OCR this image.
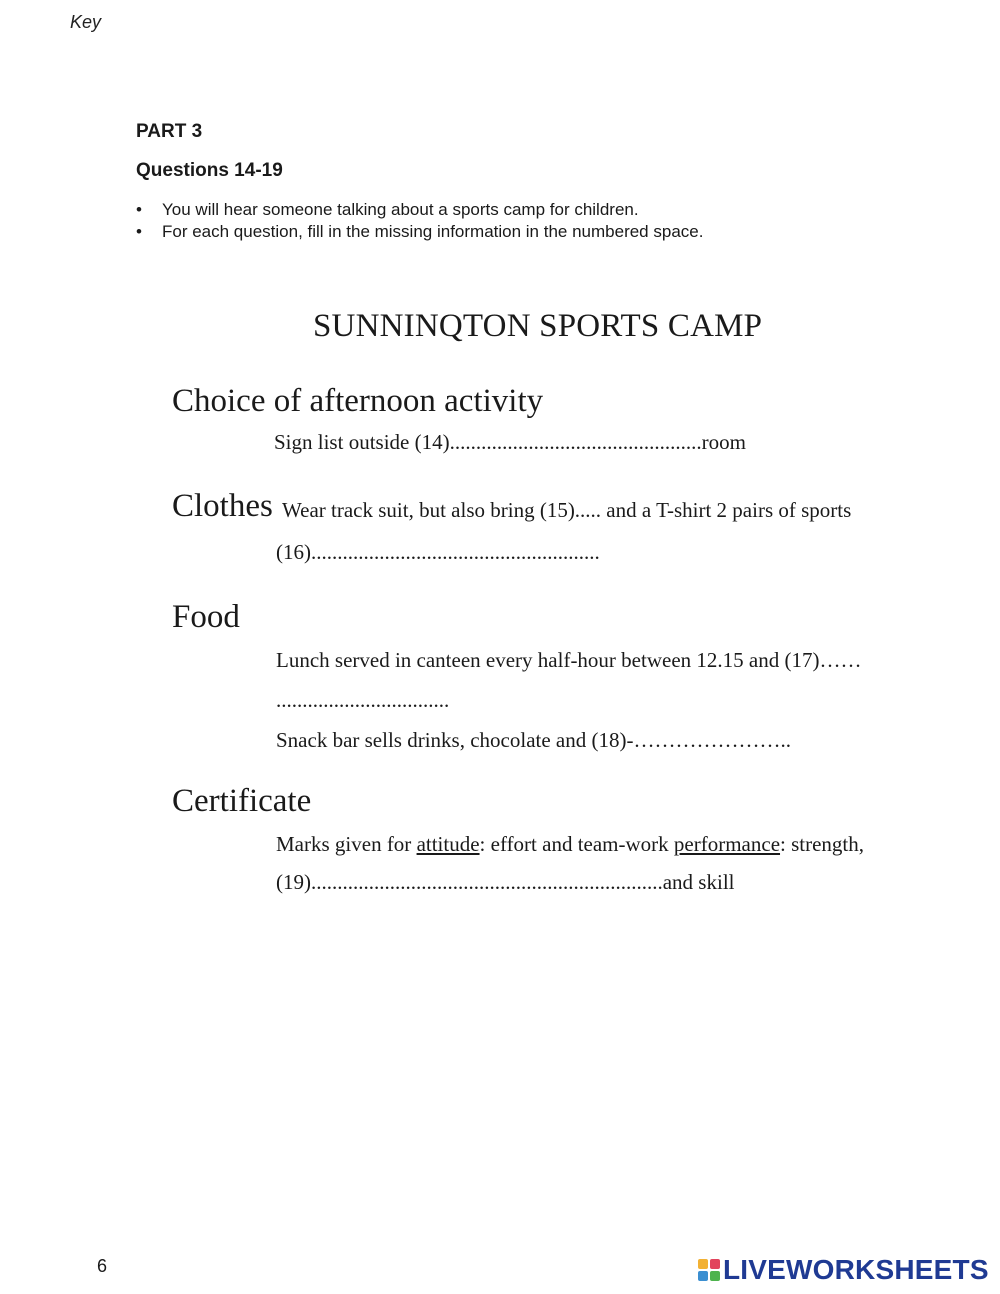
Key
PART 3
Questions 14-19
• You will hear someone talking about a sports camp for children.
• For each question, fill in the missing information in the numbered space.
SUNNINQTON SPORTS CAMP
Choice of afternoon activity
Sign list outside (14)................................................room
Clothes Wear track suit, but also bring (15)..... and a T-shirt 2 pairs of sports
(16).......................................................
Food
Lunch served in canteen every half-hour between 12.15 and (17)……
.................................
Snack bar sells drinks, chocolate and (18)-…………………..
Certificate
Marks given for attitude: effort and team-work performance: strength,
(19)...................................................................and skill
6	LIVEWORKSHEETS
